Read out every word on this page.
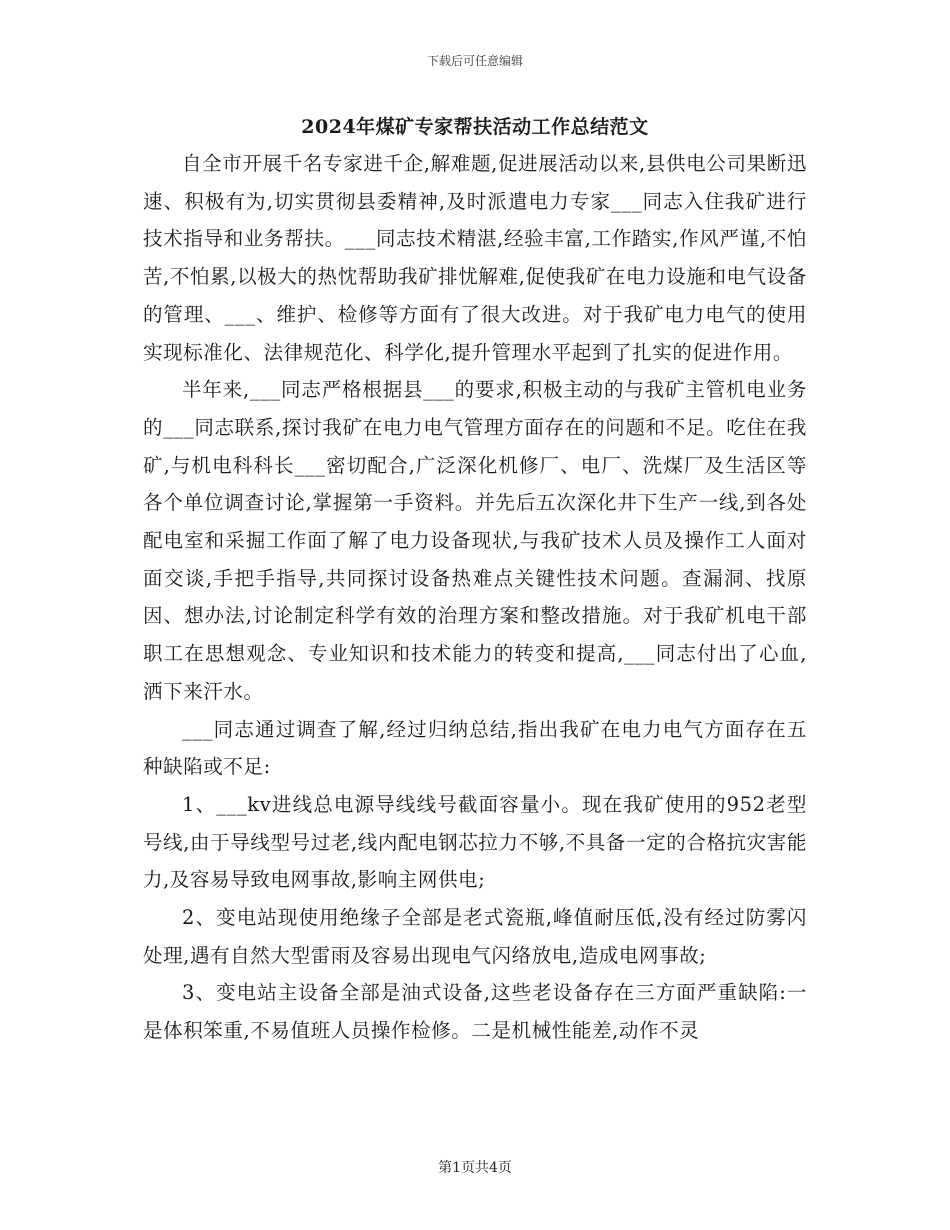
下载后可任意编辑
2024年煤矿专家帮扶活动工作总结范文

自全市开展千名专家进千企,解难题,促进展活动以来,县供电公司果断迅速、积极有为,切实贯彻县委精神,及时派遣电力专家___同志入住我矿进行技术指导和业务帮扶。___同志技术精湛,经验丰富,工作踏实,作风严谨,不怕苦,不怕累,以极大的热忱帮助我矿排忧解难,促使我矿在电力设施和电气设备的管理、___、维护、检修等方面有了很大改进。对于我矿电力电气的使用实现标准化、法律规范化、科学化,提升管理水平起到了扎实的促进作用。

半年来,___同志严格根据县___的要求,积极主动的与我矿主管机电业务的___同志联系,探讨我矿在电力电气管理方面存在的问题和不足。吃住在我矿,与机电科科长___密切配合,广泛深化机修厂、电厂、洗煤厂及生活区等各个单位调查讨论,掌握第一手资料。并先后五次深化井下生产一线,到各处配电室和采掘工作面了解了电力设备现状,与我矿技术人员及操作工人面对面交谈,手把手指导,共同探讨设备热难点关键性技术问题。查漏洞、找原因、想办法,讨论制定科学有效的治理方案和整改措施。对于我矿机电干部职工在思想观念、专业知识和技术能力的转变和提高,___同志付出了心血,洒下来汗水。

___同志通过调查了解,经过归纳总结,指出我矿在电力电气方面存在五种缺陷或不足:

1、___kv进线总电源导线线号截面容量小。现在我矿使用的952老型号线,由于导线型号过老,线内配电钢芯拉力不够,不具备一定的合格抗灾害能力,及容易导致电网事故,影响主网供电;

2、变电站现使用绝缘子全部是老式瓷瓶,峰值耐压低,没有经过防雾闪处理,遇有自然大型雷雨及容易出现电气闪络放电,造成电网事故;

3、变电站主设备全部是油式设备,这些老设备存在三方面严重缺陷:一是体积笨重,不易值班人员操作检修。二是机械性能差,动作不灵

第1页共4页
